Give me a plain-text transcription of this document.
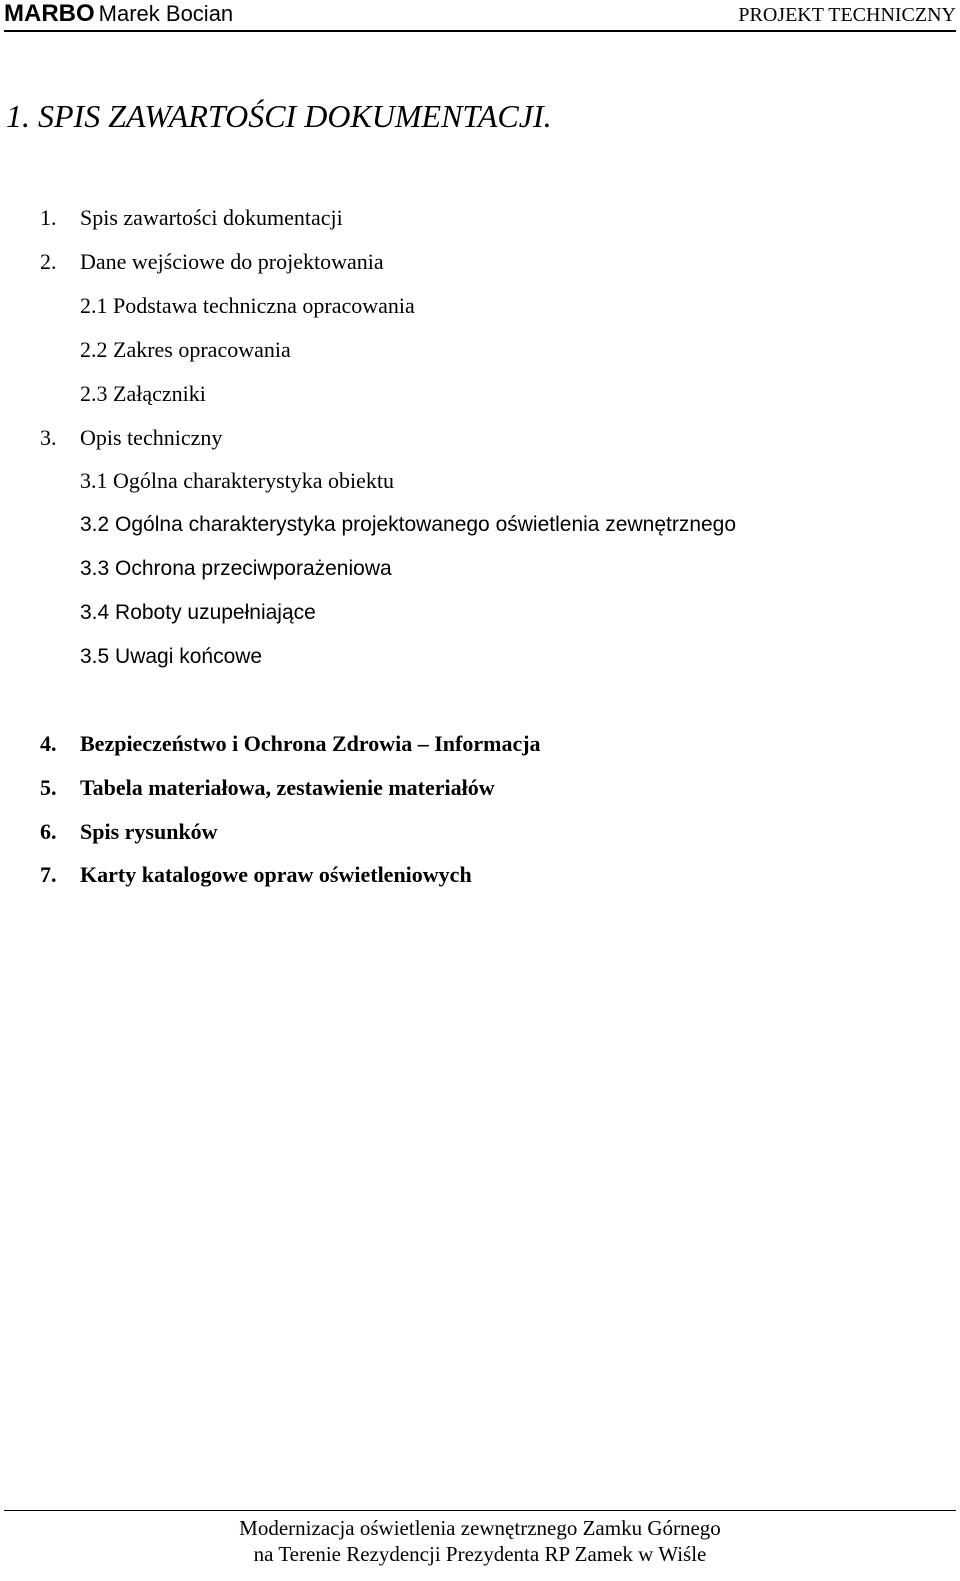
MARBO Marek Bocian	PROJEKT TECHNICZNY
1. SPIS ZAWARTOŚCI DOKUMENTACJI.
1. Spis zawartości dokumentacji
2. Dane wejściowe do projektowania
2.1 Podstawa techniczna opracowania
2.2 Zakres opracowania
2.3 Załączniki
3. Opis techniczny
3.1 Ogólna charakterystyka obiektu
3.2 Ogólna charakterystyka projektowanego oświetlenia zewnętrznego
3.3 Ochrona przeciwporażeniowa
3.4 Roboty uzupełniające
3.5 Uwagi końcowe
4. Bezpieczeństwo i Ochrona Zdrowia – Informacja
5. Tabela materiałowa, zestawienie materiałów
6. Spis rysunków
7. Karty katalogowe opraw oświetleniowych
Modernizacja oświetlenia zewnętrznego Zamku Górnego
na Terenie Rezydencji Prezydenta RP Zamek w Wiśle
